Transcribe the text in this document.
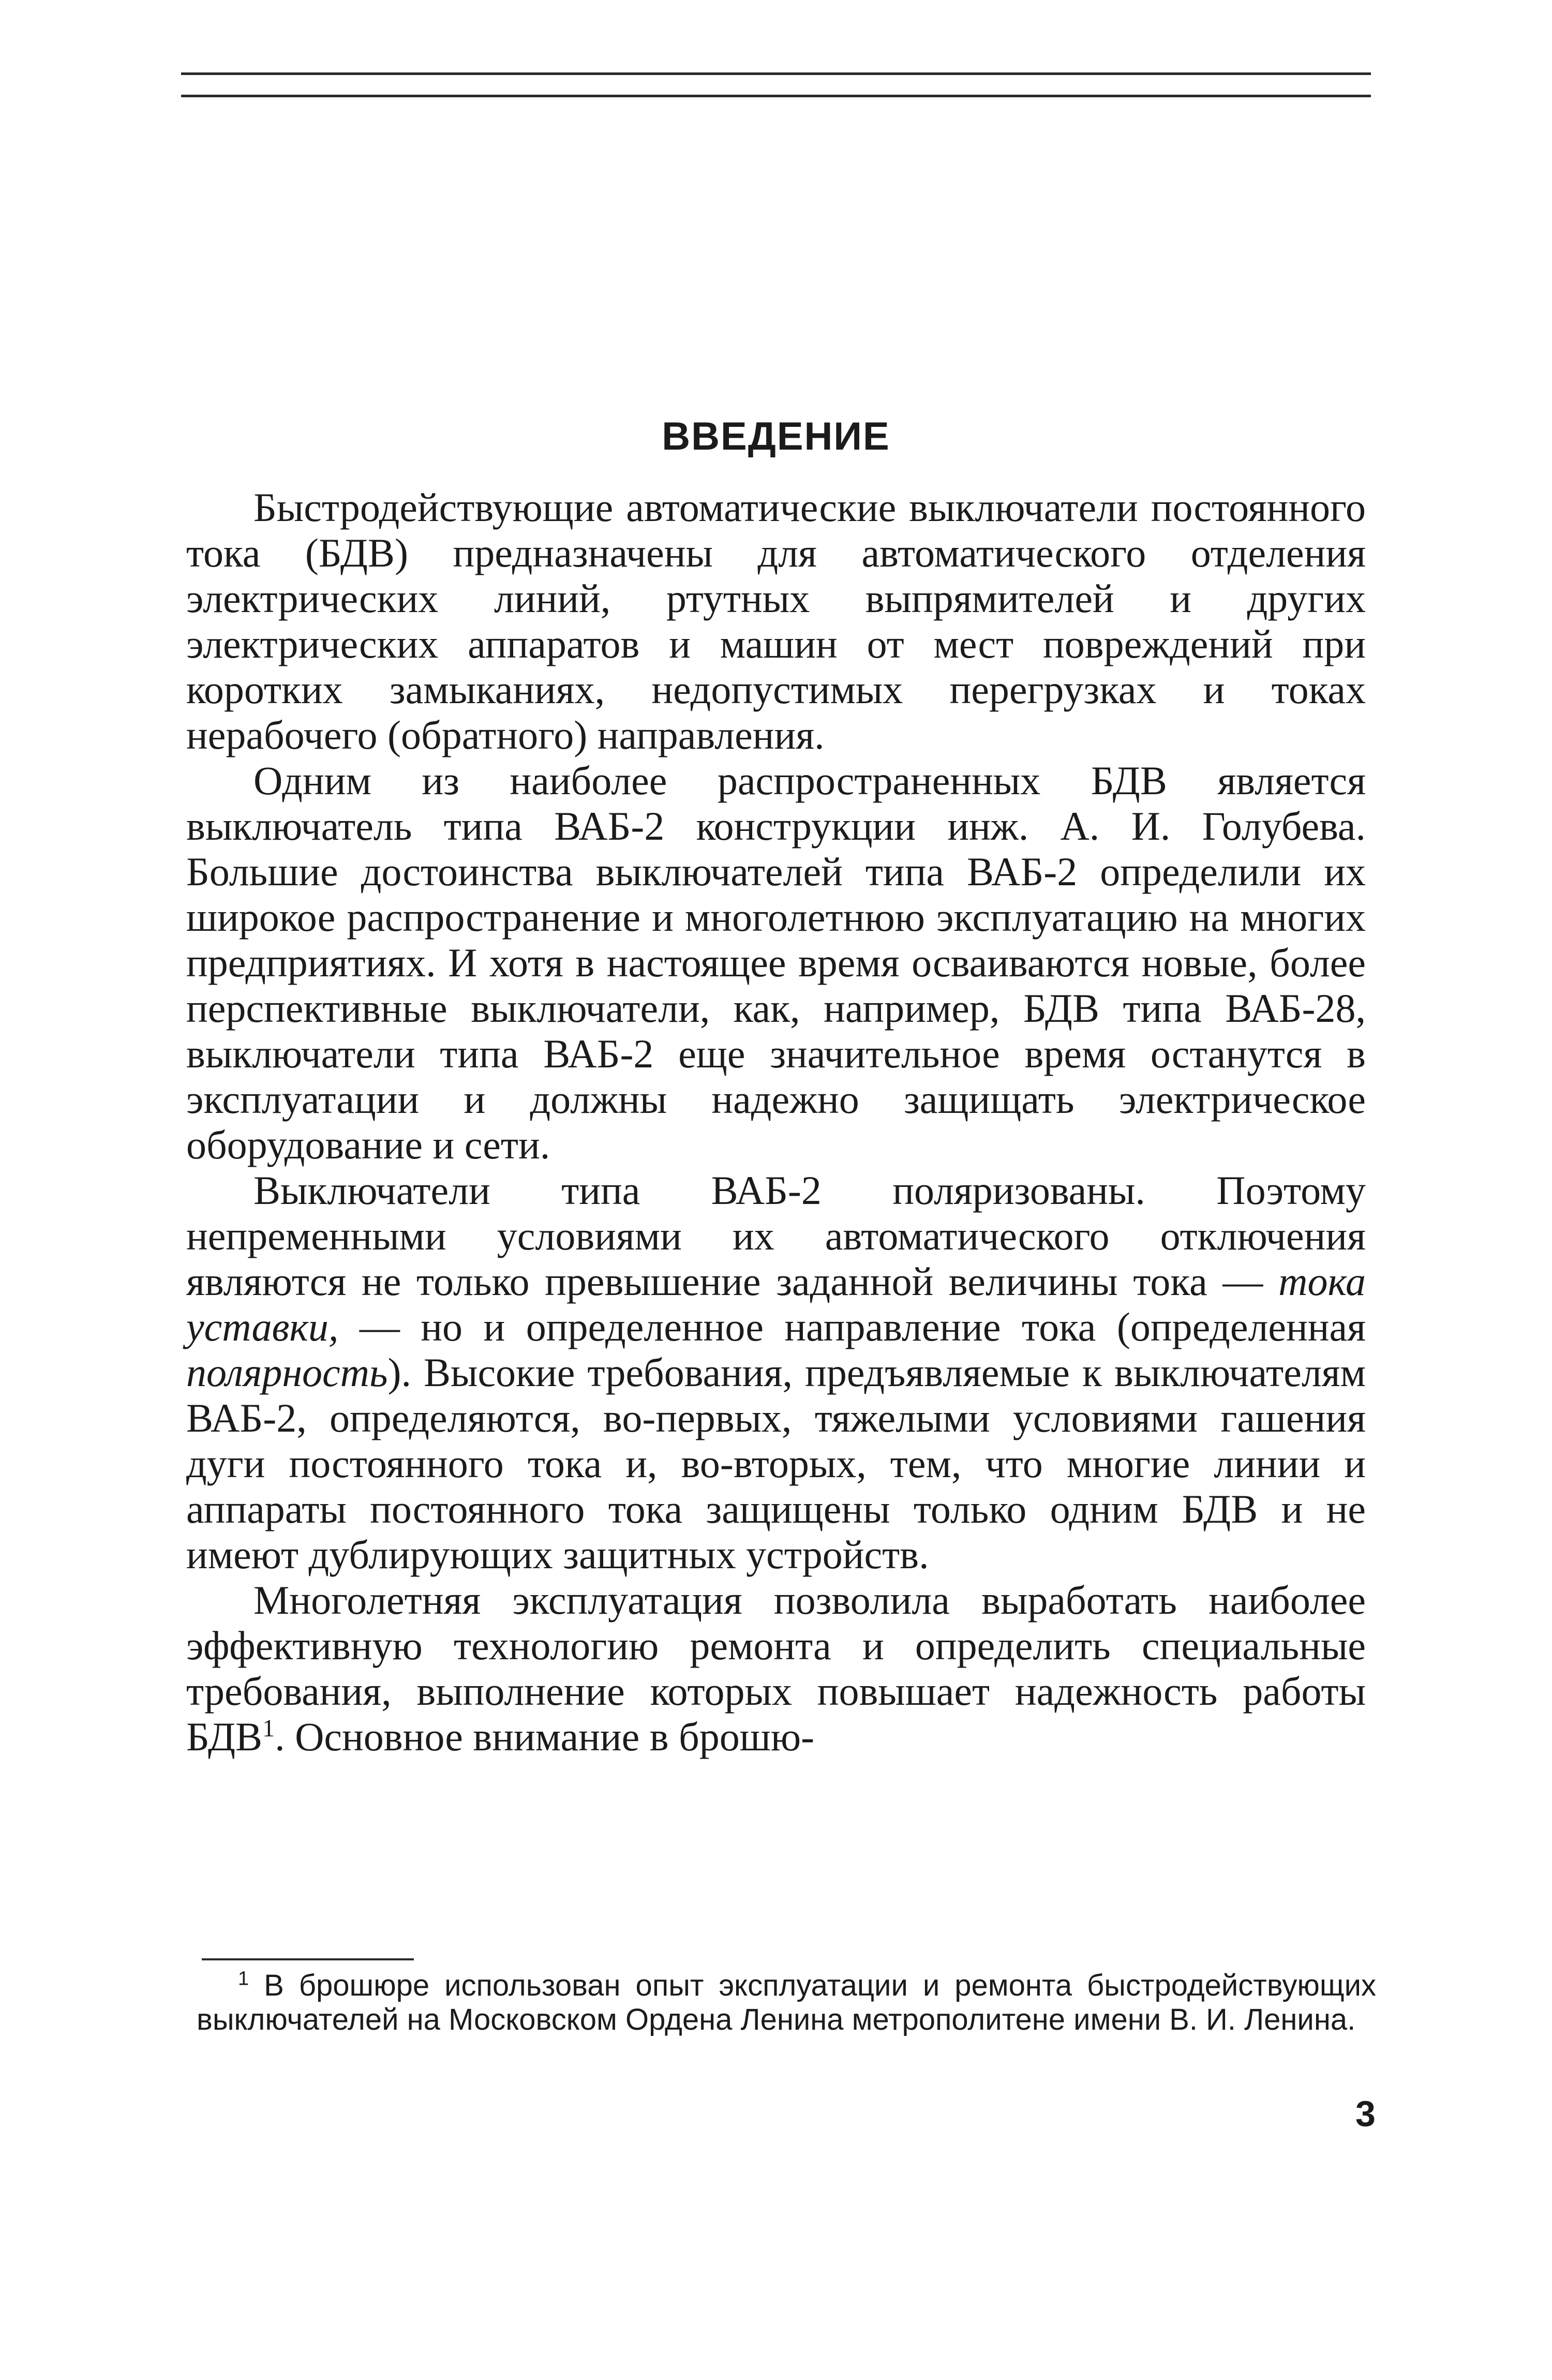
ВВЕДЕНИЕ

Быстродействующие автоматические выключатели постоянного тока (БДВ) предназначены для автоматического отделения электрических линий, ртутных выпрямителей и других электрических аппаратов и машин от мест повреждений при коротких замыканиях, недопустимых перегрузках и токах нерабочего (обратного) направления.

Одним из наиболее распространенных БДВ является выключатель типа ВАБ-2 конструкции инж. А. И. Голубева. Большие достоинства выключателей типа ВАБ-2 определили их широкое распространение и многолетнюю эксплуатацию на многих предприятиях. И хотя в настоящее время осваиваются новые, более перспективные выключатели, как, например, БДВ типа ВАБ-28, выключатели типа ВАБ-2 еще значительное время останутся в эксплуатации и должны надежно защищать электрическое оборудование и сети.

Выключатели типа ВАБ-2 поляризованы. Поэтому непременными условиями их автоматического отключения являются не только превышение заданной величины тока — тока уставки, — но и определенное направление тока (определенная полярность). Высокие требования, предъявляемые к выключателям ВАБ-2, определяются, во-первых, тяжелыми условиями гашения дуги постоянного тока и, во-вторых, тем, что многие линии и аппараты постоянного тока защищены только одним БДВ и не имеют дублирующих защитных устройств.

Многолетняя эксплуатация позволила выработать наиболее эффективную технологию ремонта и определить специальные требования, выполнение которых повышает надежность работы БДВ$^1$. Основное внимание в брошю-

$^1$ В брошюре использован опыт эксплуатации и ремонта быстродействующих выключателей на Московском Ордена Ленина метрополитене имени В. И. Ленина.

3
